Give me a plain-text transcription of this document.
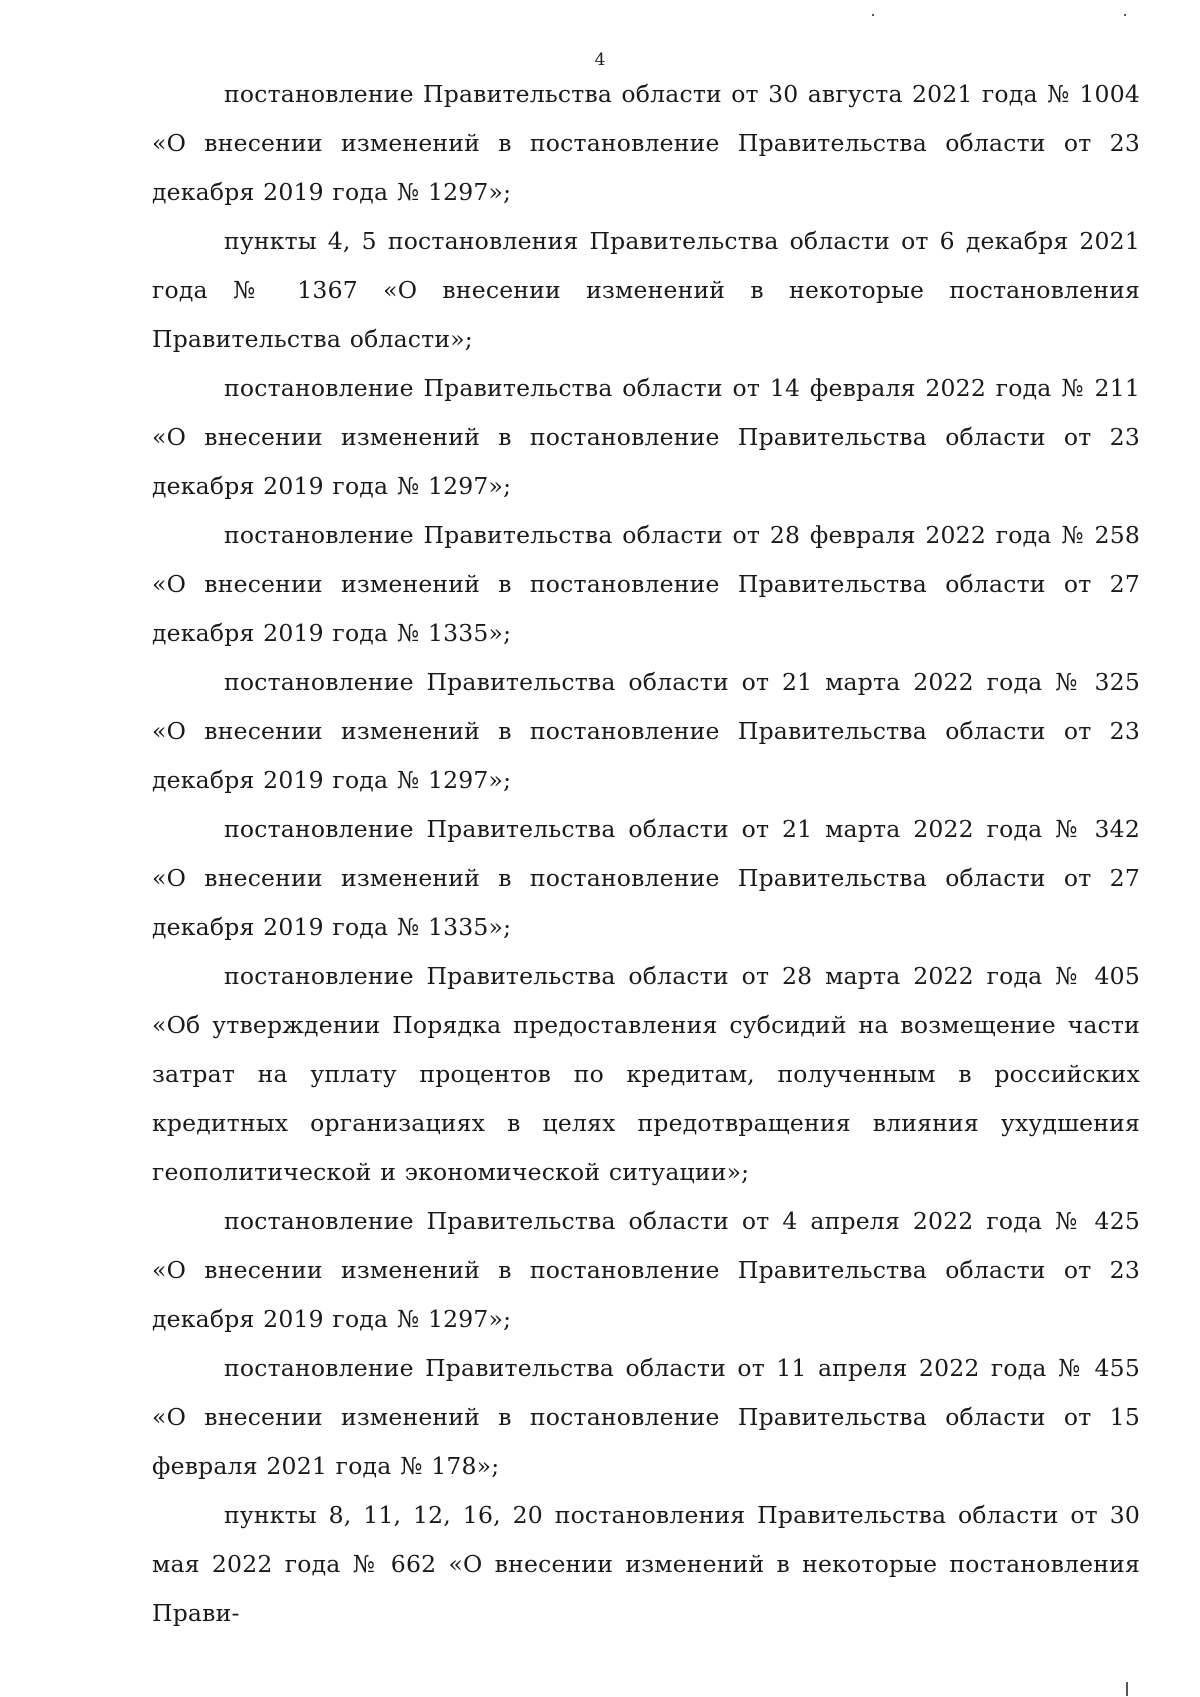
4

постановление Правительства области от 30 августа 2021 года № 1004 «О внесении изменений в постановление Правительства области от 23 декабря 2019 года № 1297»;

пункты 4, 5 постановления Правительства области от 6 декабря 2021 года № 1367 «О внесении изменений в некоторые постановления Правительства области»;

постановление Правительства области от 14 февраля 2022 года № 211 «О внесении изменений в постановление Правительства области от 23 декабря 2019 года № 1297»;

постановление Правительства области от 28 февраля 2022 года № 258 «О внесении изменений в постановление Правительства области от 27 декабря 2019 года № 1335»;

постановление Правительства области от 21 марта 2022 года № 325 «О внесении изменений в постановление Правительства области от 23 декабря 2019 года № 1297»;

постановление Правительства области от 21 марта 2022 года № 342 «О внесении изменений в постановление Правительства области от 27 декабря 2019 года № 1335»;

постановление Правительства области от 28 марта 2022 года № 405 «Об утверждении Порядка предоставления субсидий на возмещение части затрат на уплату процентов по кредитам, полученным в российских кредитных организациях в целях предотвращения влияния ухудшения геополитической и экономической ситуации»;

постановление Правительства области от 4 апреля 2022 года № 425 «О внесении изменений в постановление Правительства области от 23 декабря 2019 года № 1297»;

постановление Правительства области от 11 апреля 2022 года № 455 «О внесении изменений в постановление Правительства области от 15 февраля 2021 года № 178»;

пункты 8, 11, 12, 16, 20 постановления Правительства области от 30 мая 2022 года № 662 «О внесении изменений в некоторые постановления Прави-
